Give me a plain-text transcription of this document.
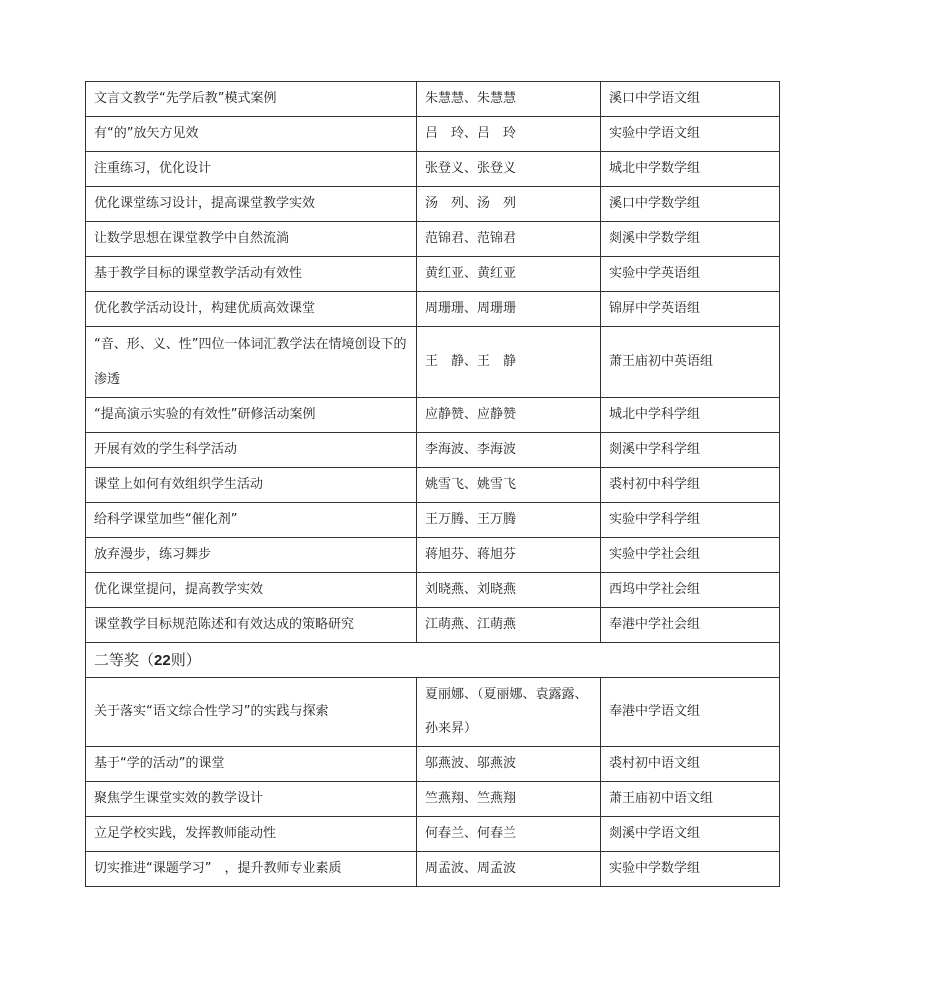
文言文教学“先学后教”模式案例	朱慧慧、朱慧慧	溪口中学语文组
有“的”放矢方见效	吕　玲、吕　玲	实验中学语文组
注重练习，优化设计	张登义、张登义	城北中学数学组
优化课堂练习设计，提高课堂教学实效	汤　列、汤　列	溪口中学数学组
让数学思想在课堂教学中自然流淌	范锦君、范锦君	剡溪中学数学组
基于教学目标的课堂教学活动有效性	黄红亚、黄红亚	实验中学英语组
优化教学活动设计，构建优质高效课堂	周珊珊、周珊珊	锦屏中学英语组
“音、形、义、性”四位一体词汇教学法在情境创设下的渗透	王　静、王　静	萧王庙初中英语组
“提高演示实验的有效性”研修活动案例	应静赞、应静赞	城北中学科学组
开展有效的学生科学活动	李海波、李海波	剡溪中学科学组
课堂上如何有效组织学生活动	姚雪飞、姚雪飞	裘村初中科学组
给科学课堂加些“催化剂”	王万腾、王万腾	实验中学科学组
放弃漫步，练习舞步	蒋旭芬、蒋旭芬	实验中学社会组
优化课堂提问，提高教学实效	刘晓燕、刘晓燕	西坞中学社会组
课堂教学目标规范陈述和有效达成的策略研究	江萌燕、江萌燕	奉港中学社会组
二等奖（22则）		
关于落实“语文综合性学习”的实践与探索	夏丽娜、（夏丽娜、袁露露、孙来昇）	奉港中学语文组
基于“学的活动”的课堂	邬燕波、邬燕波	裘村初中语文组
聚焦学生课堂实效的教学设计	竺燕翔、竺燕翔	萧王庙初中语文组
立足学校实践，发挥教师能动性	何春兰、何春兰	剡溪中学语文组
切实推进“课题学习”　，提升教师专业素质	周孟波、周孟波	实验中学数学组
